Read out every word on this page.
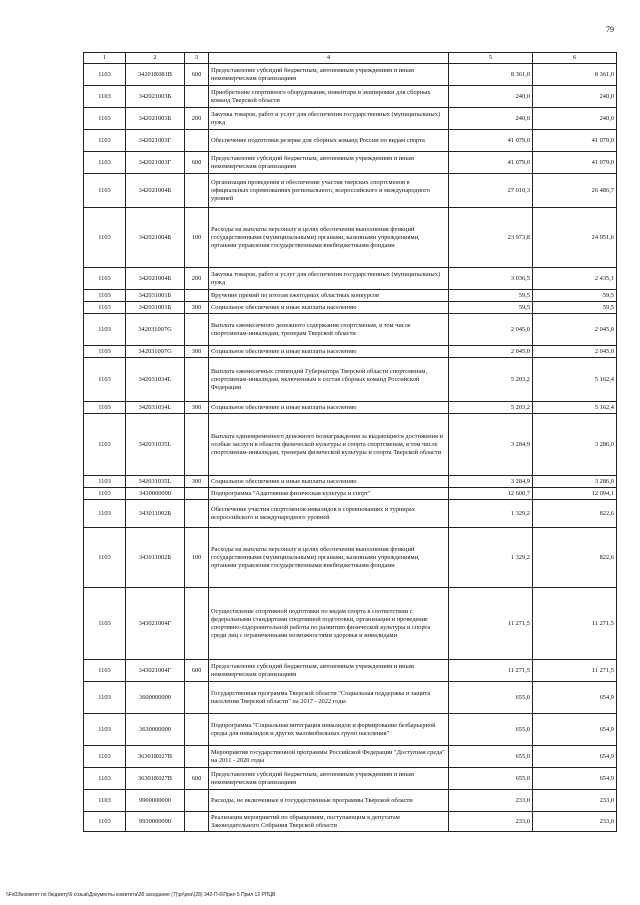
79
1	2	3	4	5	6
1103	34201R081В	600	Предоставление субсидий бюджетным, автономным учреждениям и иным некоммерческим организациям	8 361,0	8 361,0
1103	342021003Б		Приобретение спортивного оборудования, инвентаря и экипировки для сборных команд Тверской области	240,0	240,0
1103	342021003Б	200	Закупка товаров, работ и услуг для обеспечения государственных (муниципальных) нужд	240,0	240,0
1103	342021003Г		Обеспечение подготовки резерва для сборных команд России по видам спорта	41 079,0	41 079,0
1103	342021003Г	600	Предоставление субсидий бюджетным, автономным учреждениям и иным некоммерческим организациям	41 079,0	41 079,0
1103	342021004Б		Организация проведения и обеспечение участия тверских спортсменов в официальных соревнованиях регионального, всероссийского и международного уровней	27 010,3	26 486,7
1103	342021004Б	100	Расходы на выплаты персоналу в целях обеспечения выполнения функций государственными (муниципальными) органами, казенными учреждениями, органами управления государственными внебюджетными фондами	23 973,8	24 051,6
1103	342021004Б	200	Закупка товаров, работ и услуг для обеспечения государственных (муниципальных) нужд	3 036,5	2 435,1
1103	342031001Б		Вручение премий по итогам ежегодных областных конкурсов	59,5	59,5
1103	342031001Б	300	Социальное обеспечение и иные выплаты населению	59,5	59,5
1103	342031007G		Выплата ежемесячного денежного содержания спортсменам, в том числе спортсменам-инвалидам, тренерам Тверской области	2 045,0	2 045,0
1103	342031007G	300	Социальное обеспечение и иные выплаты населению	2 045,0	2 045,0
1103	342031034L		Выплата ежемесячных стипендий Губернатора Тверской области спортсменам, спортсменам-инвалидам, включенным в состав сборных команд Российской Федерации	5 203,2	5 162,4
1103	342031034L	300	Социальное обеспечение и иные выплаты населению	5 203,2	5 162,4
1103	342031035L		Выплата единовременного денежного вознаграждения за выдающиеся достижения и особые заслуги в области физической культуры и спорта спортсменам, в том числе спортсменам-инвалидам, тренерам физической культуры и спорта Тверской области	3 284,9	3 286,0
1103	342031035L	300	Социальное обеспечение и иные выплаты населению	3 284,9	3 286,0
1103	3430000000		Подпрограмма "Адаптивная физическая культура и спорт"	12 600,7	12 094,1
1103	343011002Б		Обеспечение участия спортсменов-инвалидов в соревнованиях и турнирах всероссийского и международного уровней	1 329,2	822,6
1103	343011002Б	100	Расходы на выплаты персоналу в целях обеспечения выполнения функций государственными (муниципальными) органами, казенными учреждениями, органами управления государственными внебюджетными фондами	1 329,2	822,6
1103	343021004Г		Осуществление спортивной подготовки по видам спорта в соответствии с федеральными стандартами спортивной подготовки, организация и проведение спортивно-оздоровительной работы по развитию физической культуры и спорта среди лиц с ограниченными возможностями здоровья и инвалидами	11 271,5	11 271,5
1103	343021004Г	600	Предоставление субсидий бюджетным, автономным учреждениям и иным некоммерческим организациям	11 271,5	11 271,5
1103	3600000000		Государственная программа Тверской области "Социальная поддержка и защита населения Тверской области" на 2017 - 2022 годы	655,0	654,9
1103	3630000000		Подпрограмма "Социальная интеграция инвалидов и формирование безбарьерной среды для инвалидов и других маломобильных групп населения"	655,0	654,9
1103	36301R027В		Мероприятия государственной программы Российской Федерации "Доступная среда" на 2011 - 2020 годы	655,0	654,9
1103	36301R027В	600	Предоставление субсидий бюджетным, автономным учреждениям и иным некоммерческим организациям	655,0	654,9
1103	9900000000		Расходы, не включенные в государственные программы Тверской области	233,0	233,0
1103	9930000000		Реализация мероприятий по обращениям, поступающим к депутатам Законодательного Собрания Тверской области	233,0	233,0
\\Fs03\комитет по бюджету\6 созыв\Документы комитета\28 заседание (7)\pr\рез\(28) 342-П-6\Прил 5 Прил 12 РПЦВ
